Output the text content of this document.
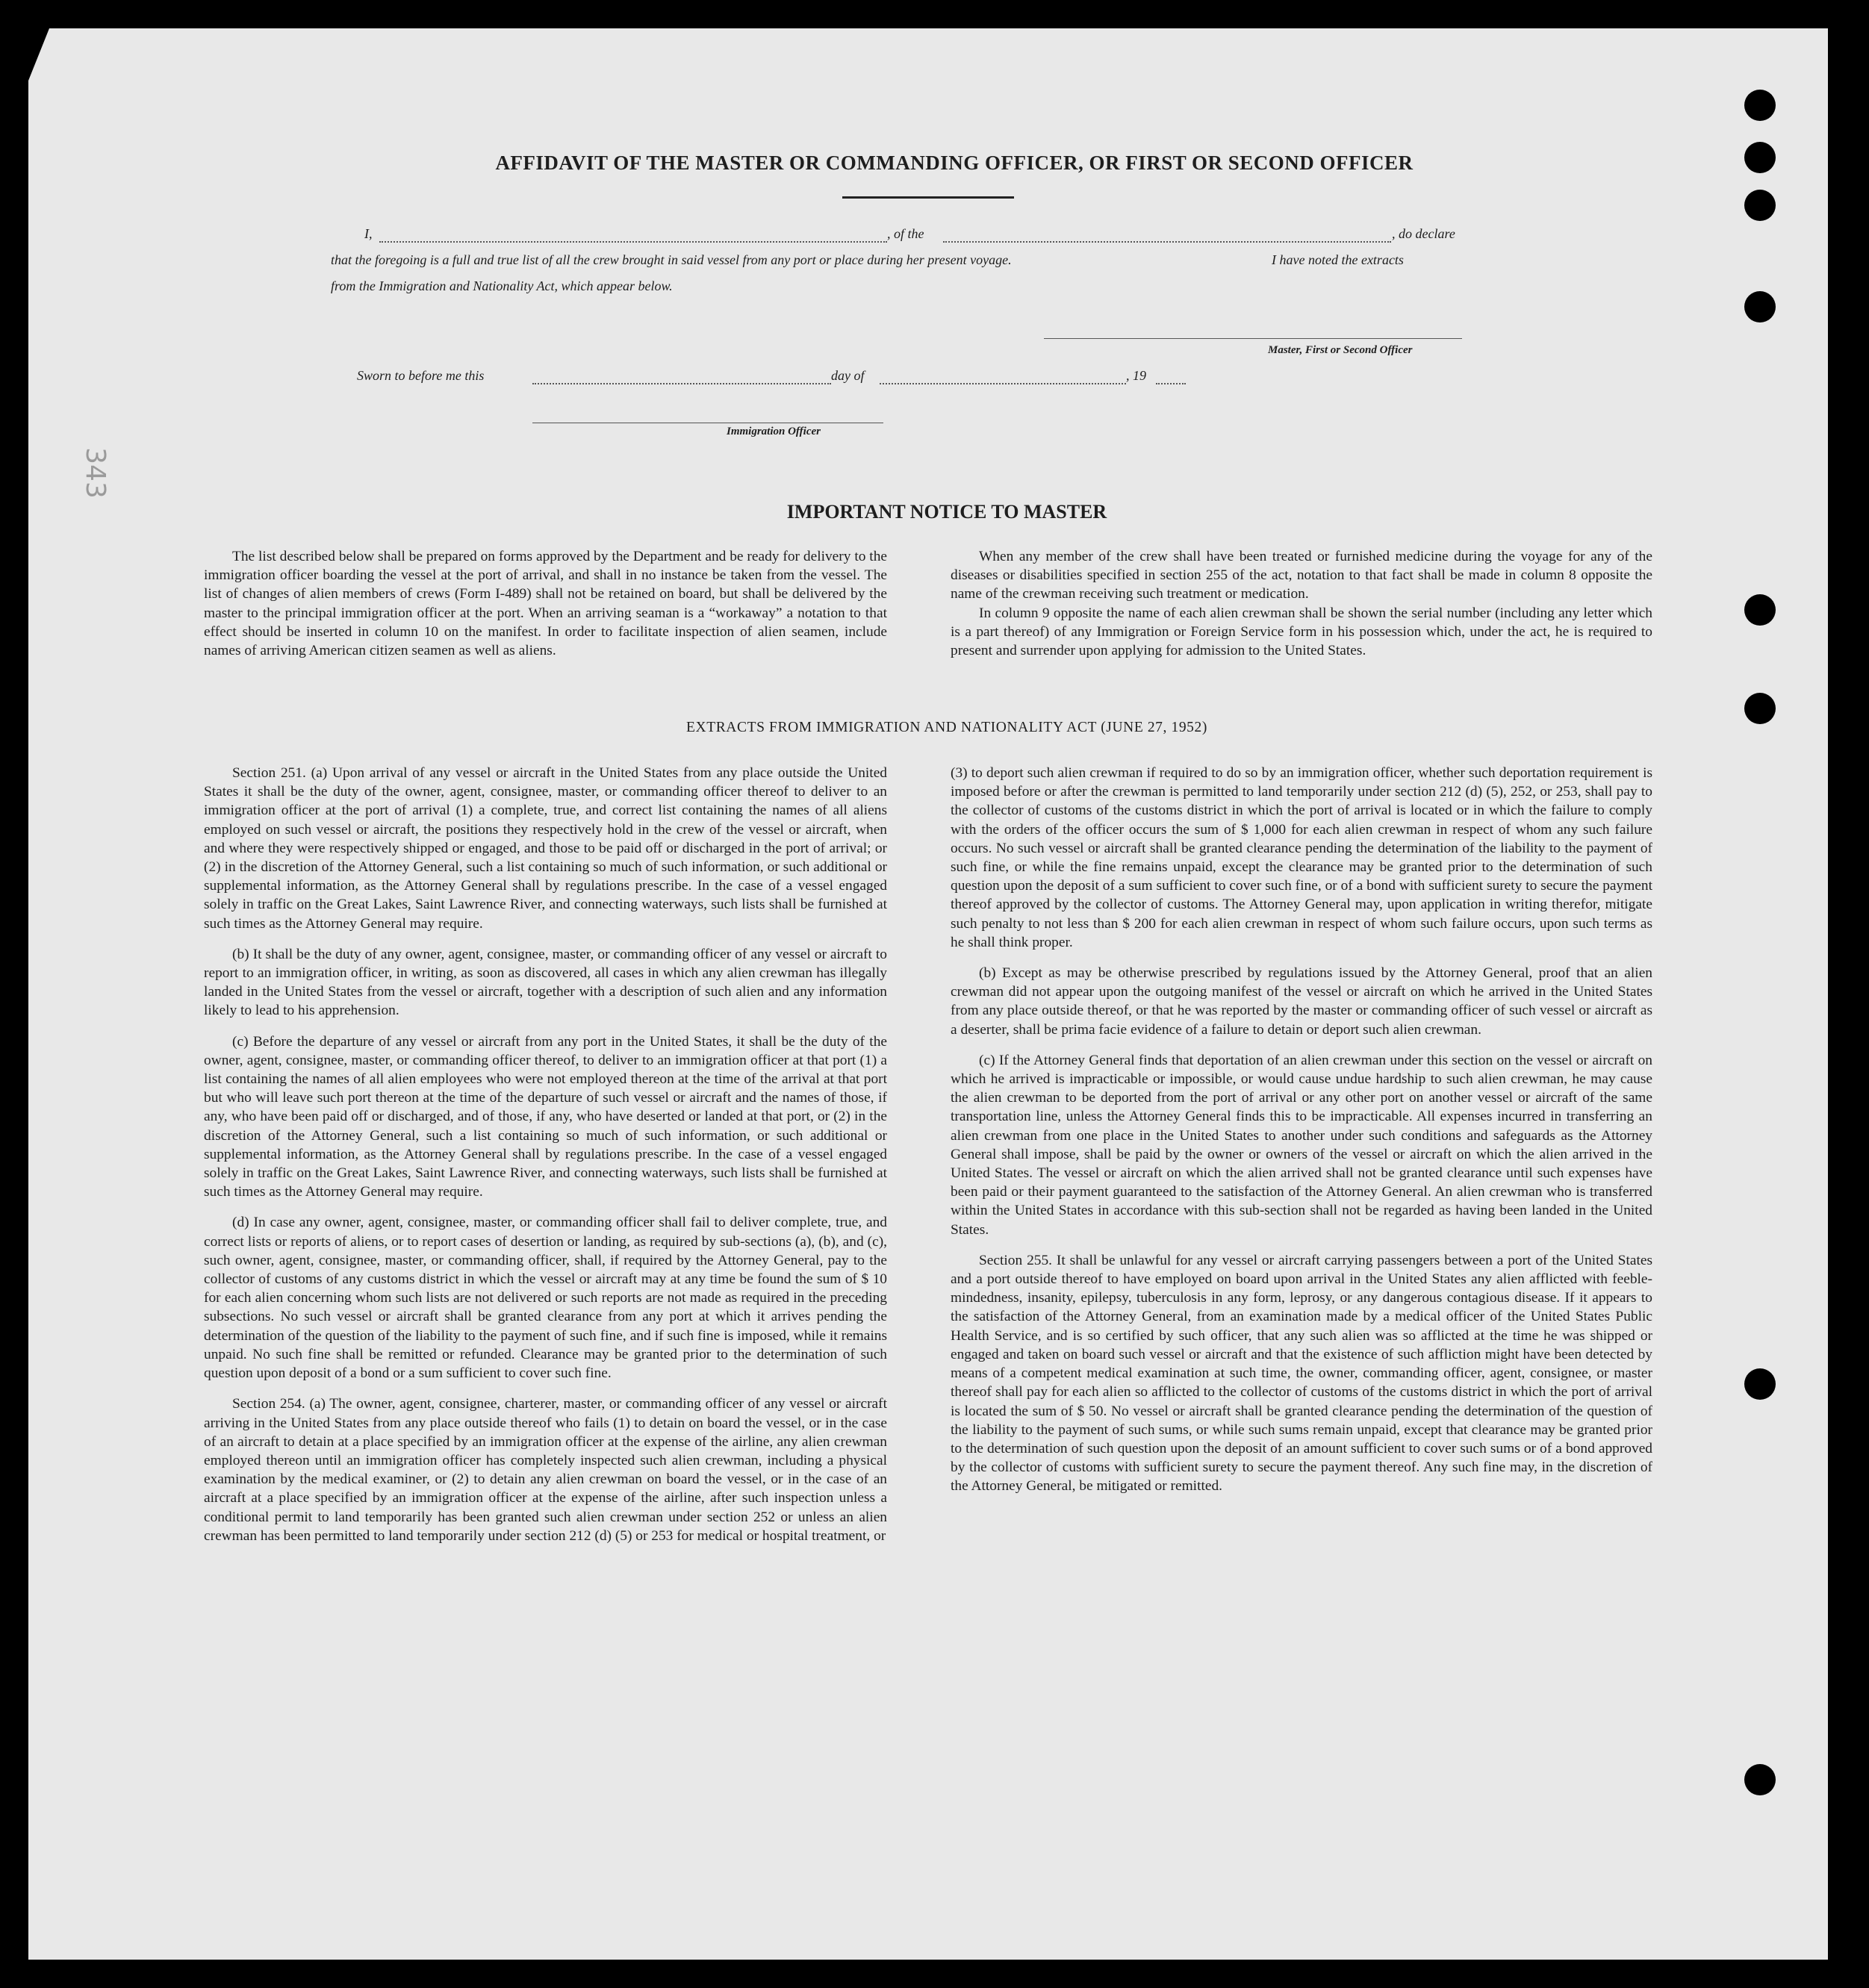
343
AFFIDAVIT OF THE MASTER OR COMMANDING OFFICER, OR FIRST OR SECOND OFFICER
I,	, of the	, do declare
that the foregoing is a full and true list of all the crew brought in said vessel from any port or place during her present voyage.	I have noted the extracts
from the Immigration and Nationality Act, which appear below.
Master, First or Second Officer
Sworn to before me this	day of	, 19
Immigration Officer
IMPORTANT NOTICE TO MASTER

The list described below shall be prepared on forms approved by the Department and be ready for delivery to the immigration officer boarding the vessel at the port of arrival, and shall in no instance be taken from the vessel. The list of changes of alien members of crews (Form I-489) shall not be retained on board, but shall be delivered by the master to the principal immigration officer at the port. When an arriving seaman is a “workaway” a notation to that effect should be inserted in column 10 on the manifest. In order to facilitate inspection of alien seamen, include names of arriving American citizen seamen as well as aliens.

When any member of the crew shall have been treated or furnished medicine during the voyage for any of the diseases or disabilities specified in section 255 of the act, notation to that fact shall be made in column 8 opposite the name of the crewman receiving such treatment or medication.

In column 9 opposite the name of each alien crewman shall be shown the serial number (including any letter which is a part thereof) of any Immigration or Foreign Service form in his possession which, under the act, he is required to present and surrender upon applying for admission to the United States.

EXTRACTS FROM IMMIGRATION AND NATIONALITY ACT (JUNE 27, 1952)

Section 251. (a) Upon arrival of any vessel or aircraft in the United States from any place outside the United States it shall be the duty of the owner, agent, consignee, master, or commanding officer thereof to deliver to an immigration officer at the port of arrival (1) a complete, true, and correct list containing the names of all aliens employed on such vessel or aircraft, the positions they respectively hold in the crew of the vessel or aircraft, when and where they were respectively shipped or engaged, and those to be paid off or discharged in the port of arrival; or (2) in the discretion of the Attorney General, such a list containing so much of such information, or such additional or supplemental information, as the Attorney General shall by regulations prescribe. In the case of a vessel engaged solely in traffic on the Great Lakes, Saint Lawrence River, and connecting waterways, such lists shall be furnished at such times as the Attorney General may require.

(b) It shall be the duty of any owner, agent, consignee, master, or commanding officer of any vessel or aircraft to report to an immigration officer, in writing, as soon as discovered, all cases in which any alien crewman has illegally landed in the United States from the vessel or aircraft, together with a description of such alien and any information likely to lead to his apprehension.

(c) Before the departure of any vessel or aircraft from any port in the United States, it shall be the duty of the owner, agent, consignee, master, or commanding officer thereof, to deliver to an immigration officer at that port (1) a list containing the names of all alien employees who were not employed thereon at the time of the arrival at that port but who will leave such port thereon at the time of the departure of such vessel or aircraft and the names of those, if any, who have been paid off or discharged, and of those, if any, who have deserted or landed at that port, or (2) in the discretion of the Attorney General, such a list containing so much of such information, or such additional or supplemental information, as the Attorney General shall by regulations prescribe. In the case of a vessel engaged solely in traffic on the Great Lakes, Saint Lawrence River, and connecting waterways, such lists shall be furnished at such times as the Attorney General may require.

(d) In case any owner, agent, consignee, master, or commanding officer shall fail to deliver complete, true, and correct lists or reports of aliens, or to report cases of desertion or landing, as required by sub-sections (a), (b), and (c), such owner, agent, consignee, master, or commanding officer, shall, if required by the Attorney General, pay to the collector of customs of any customs district in which the vessel or aircraft may at any time be found the sum of $ 10 for each alien concerning whom such lists are not delivered or such reports are not made as required in the preceding subsections. No such vessel or aircraft shall be granted clearance from any port at which it arrives pending the determination of the question of the liability to the payment of such fine, and if such fine is imposed, while it remains unpaid. No such fine shall be remitted or refunded. Clearance may be granted prior to the determination of such question upon deposit of a bond or a sum sufficient to cover such fine.

Section 254. (a) The owner, agent, consignee, charterer, master, or commanding officer of any vessel or aircraft arriving in the United States from any place outside thereof who fails (1) to detain on board the vessel, or in the case of an aircraft to detain at a place specified by an immigration officer at the expense of the airline, any alien crewman employed thereon until an immigration officer has completely inspected such alien crewman, including a physical examination by the medical examiner, or (2) to detain any alien crewman on board the vessel, or in the case of an aircraft at a place specified by an immigration officer at the expense of the airline, after such inspection unless a conditional permit to land temporarily has been granted such alien crewman under section 252 or unless an alien crewman has been permitted to land temporarily under section 212 (d) (5) or 253 for medical or hospital treatment, or

(3) to deport such alien crewman if required to do so by an immigration officer, whether such deportation requirement is imposed before or after the crewman is permitted to land temporarily under section 212 (d) (5), 252, or 253, shall pay to the collector of customs of the customs district in which the port of arrival is located or in which the failure to comply with the orders of the officer occurs the sum of $ 1,000 for each alien crewman in respect of whom any such failure occurs. No such vessel or aircraft shall be granted clearance pending the determination of the liability to the payment of such fine, or while the fine remains unpaid, except the clearance may be granted prior to the determination of such question upon the deposit of a sum sufficient to cover such fine, or of a bond with sufficient surety to secure the payment thereof approved by the collector of customs. The Attorney General may, upon application in writing therefor, mitigate such penalty to not less than $ 200 for each alien crewman in respect of whom such failure occurs, upon such terms as he shall think proper.

(b) Except as may be otherwise prescribed by regulations issued by the Attorney General, proof that an alien crewman did not appear upon the outgoing manifest of the vessel or aircraft on which he arrived in the United States from any place outside thereof, or that he was reported by the master or commanding officer of such vessel or aircraft as a deserter, shall be prima facie evidence of a failure to detain or deport such alien crewman.

(c) If the Attorney General finds that deportation of an alien crewman under this section on the vessel or aircraft on which he arrived is impracticable or impossible, or would cause undue hardship to such alien crewman, he may cause the alien crewman to be deported from the port of arrival or any other port on another vessel or aircraft of the same transportation line, unless the Attorney General finds this to be impracticable. All expenses incurred in transferring an alien crewman from one place in the United States to another under such conditions and safeguards as the Attorney General shall impose, shall be paid by the owner or owners of the vessel or aircraft on which the alien arrived in the United States. The vessel or aircraft on which the alien arrived shall not be granted clearance until such expenses have been paid or their payment guaranteed to the satisfaction of the Attorney General. An alien crewman who is transferred within the United States in accordance with this sub-section shall not be regarded as having been landed in the United States.

Section 255. It shall be unlawful for any vessel or aircraft carrying passengers between a port of the United States and a port outside thereof to have employed on board upon arrival in the United States any alien afflicted with feeble-mindedness, insanity, epilepsy, tuberculosis in any form, leprosy, or any dangerous contagious disease. If it appears to the satisfaction of the Attorney General, from an examination made by a medical officer of the United States Public Health Service, and is so certified by such officer, that any such alien was so afflicted at the time he was shipped or engaged and taken on board such vessel or aircraft and that the existence of such affliction might have been detected by means of a competent medical examination at such time, the owner, commanding officer, agent, consignee, or master thereof shall pay for each alien so afflicted to the collector of customs of the customs district in which the port of arrival is located the sum of $ 50. No vessel or aircraft shall be granted clearance pending the determination of the question of the liability to the payment of such sums, or while such sums remain unpaid, except that clearance may be granted prior to the determination of such question upon the deposit of an amount sufficient to cover such sums or of a bond approved by the collector of customs with sufficient surety to secure the payment thereof. Any such fine may, in the discretion of the Attorney General, be mitigated or remitted.
